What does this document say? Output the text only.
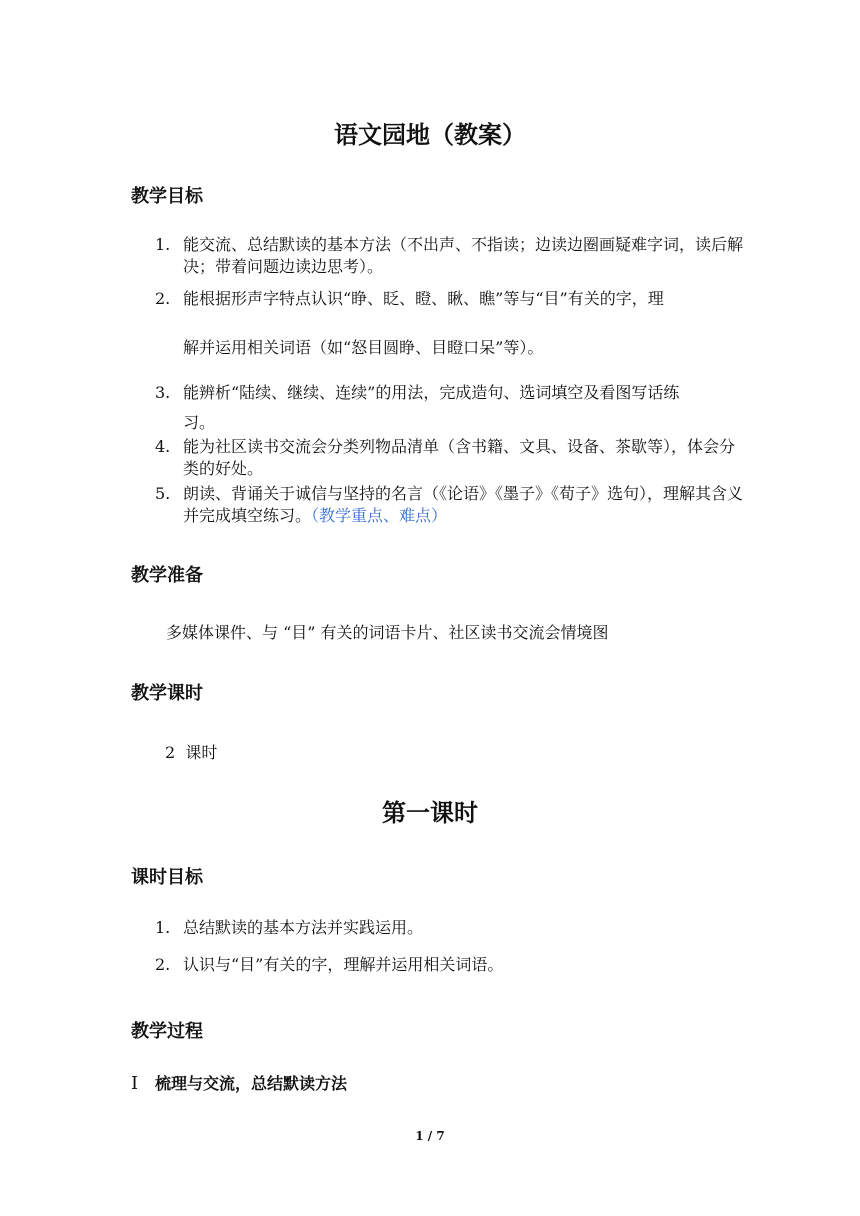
语文园地（教案）
教学目标
1. 能交流、总结默读的基本方法（不出声、不指读；边读边圈画疑难字词，读后解决；带着问题边读边思考）。
2. 能根据形声字特点认识“睁、眨、瞪、瞅、瞧”等与“目”有关的字，理
解并运用相关词语（如“怒目圆睁、目瞪口呆”等）。
3. 能辨析“陆续、继续、连续”的用法，完成造句、选词填空及看图写话练
习。
4. 能为社区读书交流会分类列物品清单（含书籍、文具、设备、茶歇等），体会分类的好处。
5. 朗读、背诵关于诚信与坚持的名言（《论语》《墨子》《荀子》选句），理解其含义并完成填空练习。（教学重点、难点）
教学准备
多媒体课件、与 “目” 有关的词语卡片、社区读书交流会情境图
教学课时
2  课时
第一课时
课时目标
1. 总结默读的基本方法并实践运用。
2. 认识与“目”有关的字，理解并运用相关词语。
教学过程
Ⅰ 梳理与交流，总结默读方法
1 / 7
